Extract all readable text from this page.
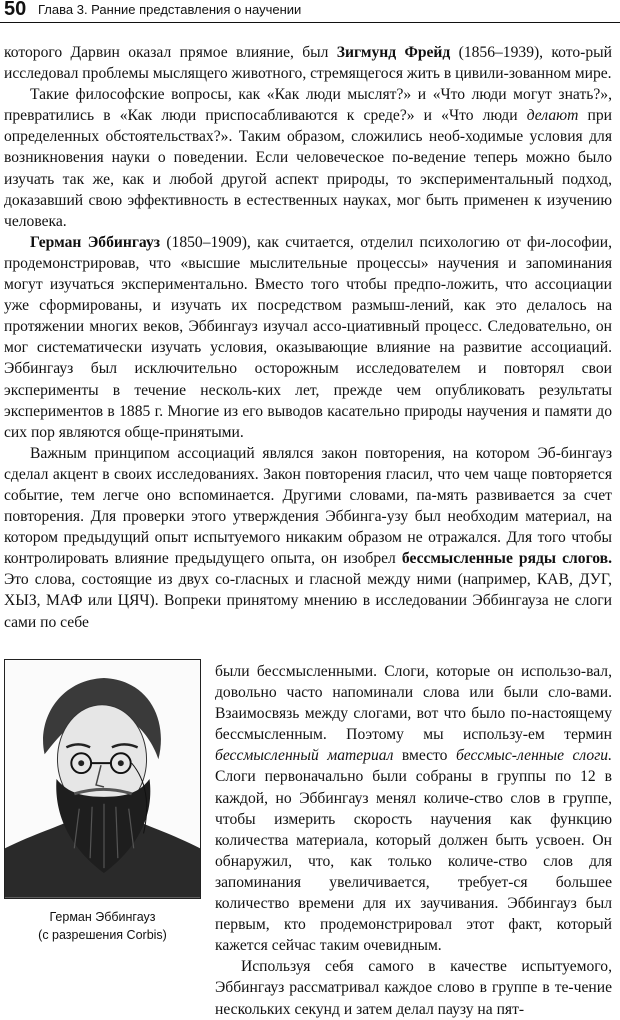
50 Глава 3. Ранние представления о научении

которого Дарвин оказал прямое влияние, был Зигмунд Фрейд (1856–1939), кото-рый исследовал проблемы мыслящего животного, стремящегося жить в цивили-зованном мире.

Такие философские вопросы, как «Как люди мыслят?» и «Что люди могут знать?», превратились в «Как люди приспосабливаются к среде?» и «Что люди делают при определенных обстоятельствах?». Таким образом, сложились необ-ходимые условия для возникновения науки о поведении. Если человеческое по-ведение теперь можно было изучать так же, как и любой другой аспект природы, то экспериментальный подход, доказавший свою эффективность в естественных науках, мог быть применен к изучению человека.

Герман Эббингауз (1850–1909), как считается, отделил психологию от фи-лософии, продемонстрировав, что «высшие мыслительные процессы» научения и запоминания могут изучаться экспериментально. Вместо того чтобы предпо-ложить, что ассоциации уже сформированы, и изучать их посредством размыш-лений, как это делалось на протяжении многих веков, Эббингауз изучал ассо-циативный процесс. Следовательно, он мог систематически изучать условия, оказывающие влияние на развитие ассоциаций. Эббингауз был исключительно осторожным исследователем и повторял свои эксперименты в течение несколь-ких лет, прежде чем опубликовать результаты экспериментов в 1885 г. Многие из его выводов касательно природы научения и памяти до сих пор являются обще-принятыми.

Важным принципом ассоциаций являлся закон повторения, на котором Эб-бингауз сделал акцент в своих исследованиях. Закон повторения гласил, что чем чаще повторяется событие, тем легче оно вспоминается. Другими словами, па-мять развивается за счет повторения. Для проверки этого утверждения Эббинга-узу был необходим материал, на котором предыдущий опыт испытуемого никаким образом не отражался. Для того чтобы контролировать влияние предыдущего опыта, он изобрел бессмысленные ряды слогов. Это слова, состоящие из двух со-гласных и гласной между ними (например, КАВ, ДУГ, ХЫЗ, МАФ или ЦЯЧ). Вопреки принятому мнению в исследовании Эббингауза не слоги сами по себе

Герман Эббингауз
(с разрешения Corbis)

были бессмысленными. Слоги, которые он использо-вал, довольно часто напоминали слова или были сло-вами. Взаимосвязь между слогами, вот что было по-настоящему бессмысленным. Поэтому мы использу-ем термин бессмысленный материал вместо бессмыс-ленные слоги. Слоги первоначально были собраны в группы по 12 в каждой, но Эббингауз менял количе-ство слов в группе, чтобы измерить скорость научения как функцию количества материала, который должен быть усвоен. Он обнаружил, что, как только количе-ство слов для запоминания увеличивается, требует-ся большее количество времени для их заучивания. Эббингауз был первым, кто продемонстрировал этот факт, который кажется сейчас таким очевидным.

Используя себя самого в качестве испытуемого, Эббингауз рассматривал каждое слово в группе в те-чение нескольких секунд и затем делал паузу на пят-
